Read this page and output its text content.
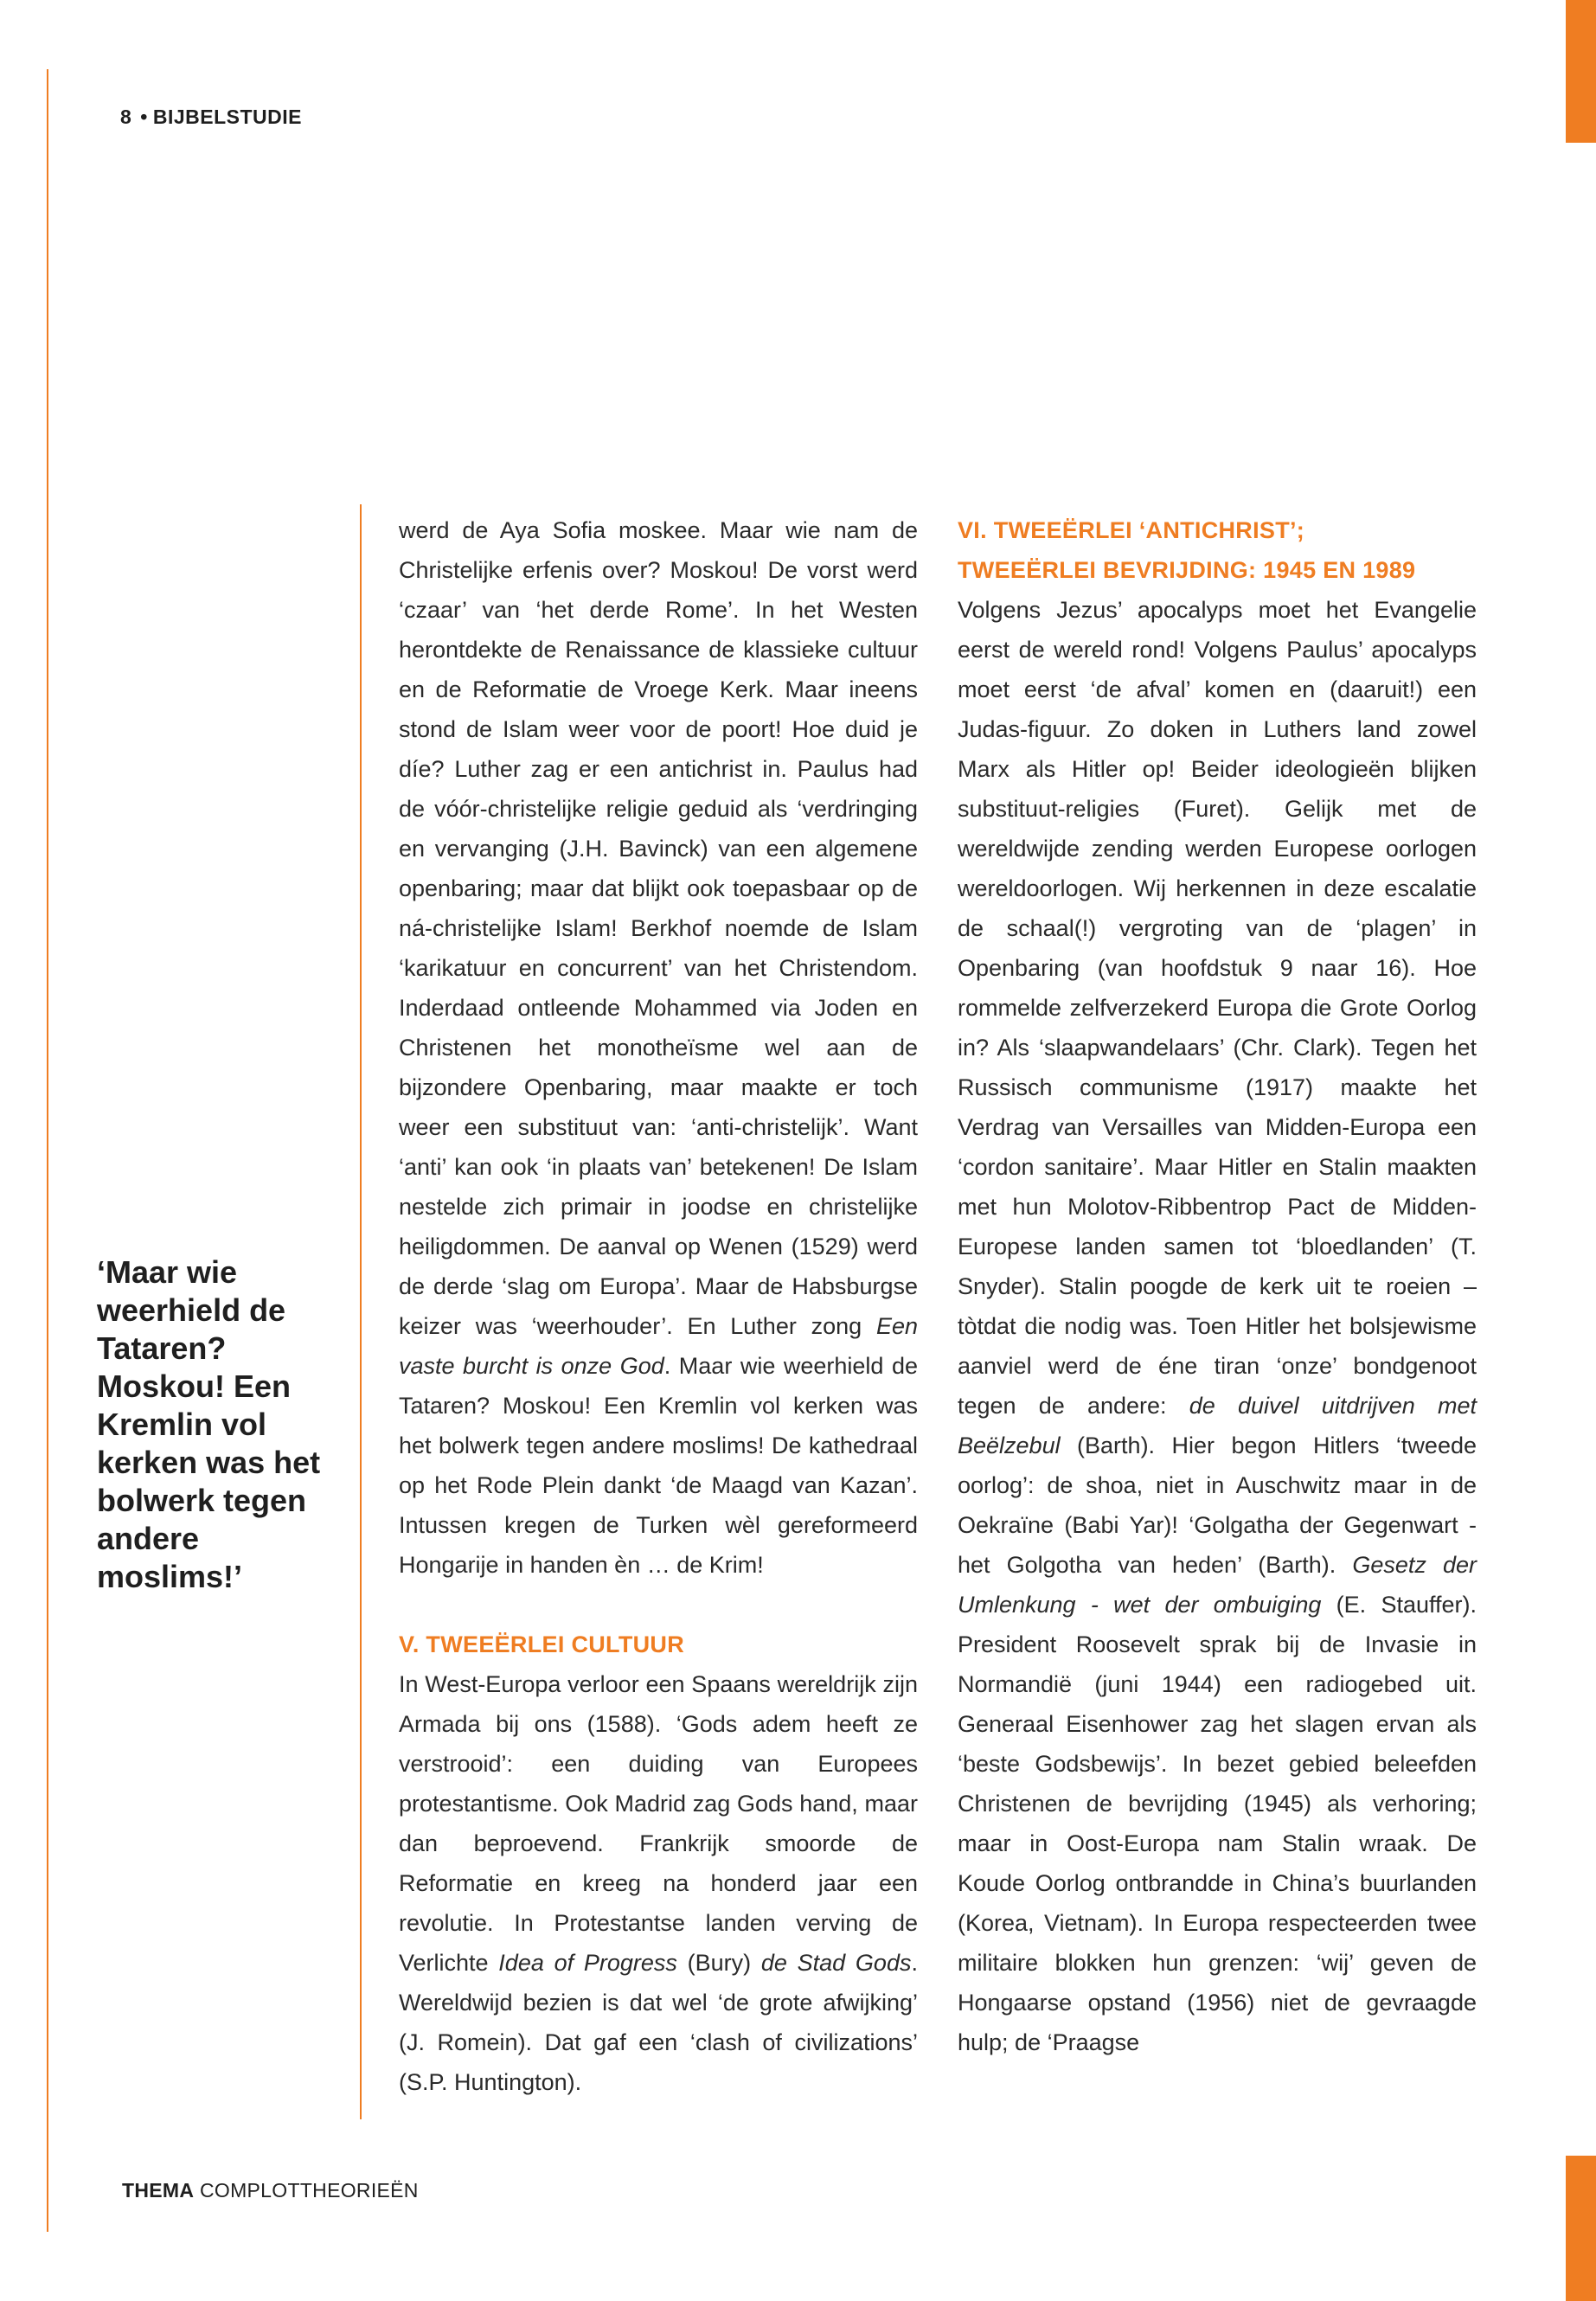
8 • BIJBELSTUDIE
‘Maar wie weerhield de Tataren? Moskou! Een Kremlin vol kerken was het bolwerk tegen andere moslims!’

werd de Aya Sofia moskee. Maar wie nam de Christelijke erfenis over? Moskou! De vorst werd ‘czaar’ van ‘het derde Rome’. In het Westen herontdekte de Renaissance de klassieke cultuur en de Reformatie de Vroege Kerk. Maar ineens stond de Islam weer voor de poort! Hoe duid je díe? Luther zag er een antichrist in. Paulus had de vóór-christelijke religie geduid als ‘verdringing en vervanging (J.H. Bavinck) van een algemene openbaring; maar dat blijkt ook toepasbaar op de ná-christelijke Islam! Berkhof noemde de Islam ‘karikatuur en concurrent’ van het Christendom. Inderdaad ontleende Mohammed via Joden en Christenen het monotheïsme wel aan de bijzondere Openbaring, maar maakte er toch weer een substituut van: ‘anti-christelijk’. Want ‘anti’ kan ook ‘in plaats van’ betekenen! De Islam nestelde zich primair in joodse en christelijke heiligdommen. De aanval op Wenen (1529) werd de derde ‘slag om Europa’. Maar de Habsburgse keizer was ‘weerhouder’. En Luther zong Een vaste burcht is onze God. Maar wie weerhield de Tataren? Moskou! Een Kremlin vol kerken was het bolwerk tegen andere moslims! De kathedraal op het Rode Plein dankt ‘de Maagd van Kazan’. Intussen kregen de Turken wèl gereformeerd Hongarije in handen èn … de Krim!

V. TWEEËRLEI CULTUUR

In West-Europa verloor een Spaans wereldrijk zijn Armada bij ons (1588). ‘Gods adem heeft ze verstrooid’: een duiding van Europees protestantisme. Ook Madrid zag Gods hand, maar dan beproevend. Frankrijk smoorde de Reformatie en kreeg na honderd jaar een revolutie. In Protestantse landen verving de Verlichte Idea of Progress (Bury) de Stad Gods. Wereldwijd bezien is dat wel ‘de grote afwijking’ (J. Romein). Dat gaf een ‘clash of civilizations’ (S.P. Huntington).

VI. TWEEËRLEI ‘ANTICHRIST’;
TWEEËRLEI BEVRIJDING: 1945 EN 1989

Volgens Jezus’ apocalyps moet het Evangelie eerst de wereld rond! Volgens Paulus’ apocalyps moet eerst ‘de afval’ komen en (daaruit!) een Judas-figuur. Zo doken in Luthers land zowel Marx als Hitler op! Beider ideologieën blijken substituut-religies (Furet). Gelijk met de wereldwijde zending werden Europese oorlogen wereldoorlogen. Wij herkennen in deze escalatie de schaal(!) vergroting van de ‘plagen’ in Openbaring (van hoofdstuk 9 naar 16). Hoe rommelde zelfverzekerd Europa die Grote Oorlog in? Als ‘slaapwandelaars’ (Chr. Clark). Tegen het Russisch communisme (1917) maakte het Verdrag van Versailles van Midden-Europa een ‘cordon sanitaire’. Maar Hitler en Stalin maakten met hun Molotov-Ribbentrop Pact de Midden-Europese landen samen tot ‘bloedlanden’ (T. Snyder). Stalin poogde de kerk uit te roeien – tòtdat die nodig was. Toen Hitler het bolsjewisme aanviel werd de éne tiran ‘onze’ bondgenoot tegen de andere: de duivel uitdrijven met Beëlzebul (Barth). Hier begon Hitlers ‘tweede oorlog’: de shoa, niet in Auschwitz maar in de Oekraïne (Babi Yar)! ‘Golgatha der Gegenwart - het Golgotha van heden’ (Barth). Gesetz der Umlenkung - wet der ombuiging (E. Stauffer). President Roosevelt sprak bij de Invasie in Normandië (juni 1944) een radiogebed uit. Generaal Eisenhower zag het slagen ervan als ‘beste Godsbewijs’. In bezet gebied beleefden Christenen de bevrijding (1945) als verhoring; maar in Oost-Europa nam Stalin wraak. De Koude Oorlog ontbrandde in China’s buurlanden (Korea, Vietnam). In Europa respecteerden twee militaire blokken hun grenzen: ‘wij’ geven de Hongaarse opstand (1956) niet de gevraagde hulp; de ‘Praagse

THEMA COMPLOTTHEORIEËN
